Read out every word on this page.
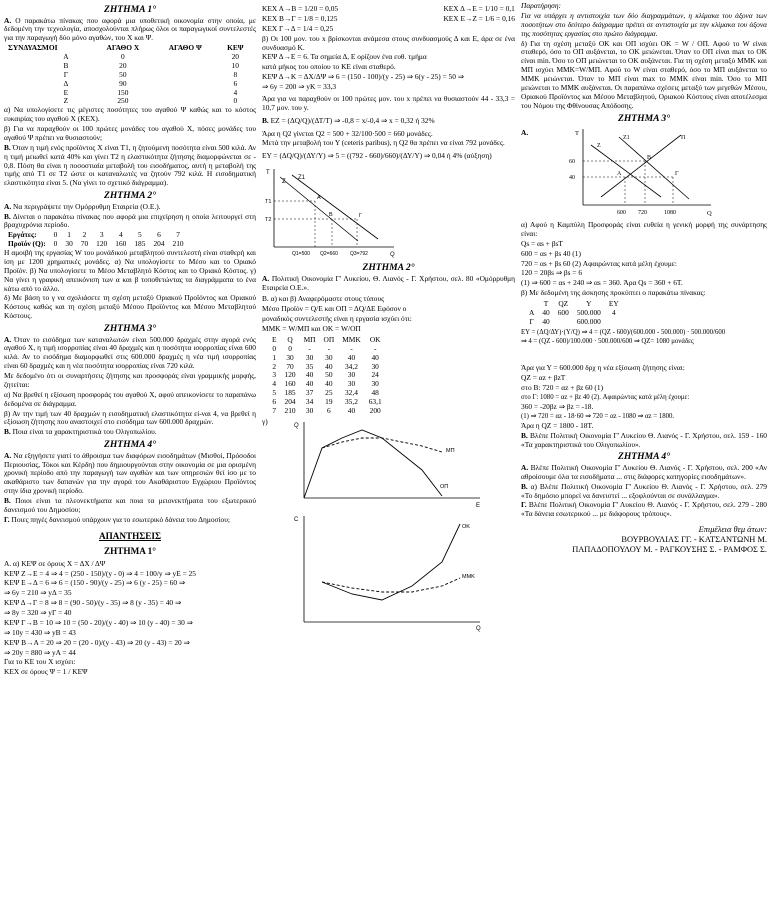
ΖΗΤΗΜΑ 1°

Α. Ο παρακάτω πίνακας που αφορά μια υποθετική οικονομία στην οποία, με δεδομένη την τεχνολογία, αποσχολούνται πλήρως όλοι οι παραγωγικοί συντελεστές για την παραγωγή δύο μόνο αγαθών, του Χ και Ψ.

ΣΥΝΔΥΑΣΜΟΙ	ΑΓΑΘΟ Χ	ΑΓΑΘΟ Ψ	ΚΕΨ
Α	0		20
Β	20		10
Γ	50		8
Δ	90		6
Ε	150		4
Ζ	250		0

α) Να υπολογίσετε τις μέγιστες ποσότητες του αγαθού Ψ καθώς και το κόστος ευκαιρίας του αγαθού Χ (ΚΕΧ).

β) Για να παραχθούν οι 100 πρώτες μονάδες του αγαθού Χ, πόσες μονάδες του αγαθού Ψ πρέπει να θυσιαστούν;

Β. Όταν η τιμή ενός προϊόντος Χ είναι Τ1, η ζητούμενη ποσότητα είναι 500 κιλά. Αν η τιμή μειωθεί κατά 40% και γίνει Τ2 η ελαστικότητα ζήτησης διαμορφώνεται σε - 0,8. Πόση θα είναι η ποσοστιαία μεταβολή του εισοδήματος, αυτή η μεταβολή της τιμής από Τ1 σε Τ2 ώστε οι καταναλωτές να ζητούν 792 κιλά. Η εισοδηματική ελαστικότητα είναι 5. (Να γίνει το σχετικό διάγραμμα).

ΖΗΤΗΜΑ 2°

Α. Να περιγράψετε την Ομόρρυθμη Εταιρεία (Ο.Ε.).

Β. Δίνεται ο παρακάτω πίνακας που αφορά μια επιχείρηση η οποία λειτουργεί στη βραχυχρόνια περίοδο.

Εργάτες:	0	1	2	3	4	5	6	7
Προϊόν (Q):	0	30	70	120	160	185	204	210

Η αμοιβή της εργασίας W του μονάδικού μεταβλητού συντελεστή είναι σταθερή και ίση με 1200 χρηματικές μονάδες. α) Να υπολογίσετε το Μέσο και το Οριακό Προϊόν. β) Να υπολογίσετε το Μέσο Μεταβλητό Κόστος και το Οριακό Κόστος. γ) Να γίνει η γραφική απεικόνιση των α και β τοποθετώντας τα διαγράμματα το ένα κάτω από το άλλο.

δ) Με βάση το γ να σχολιάσετε τη σχέση μεταξύ Οριακού Προϊόντος και Οριακού Κόστους καθώς και τη σχέση μεταξύ Μέσου Προϊόντος και Μέσου Μεταβλητού Κόστους.

ΖΗΤΗΜΑ 3°

Α. Όταν το εισόδημα των καταναλωτών είναι 500.000 δραχμές στην αγορά ενός αγαθού Χ, η τιμή ισορροπίας είναι 40 δραχμές και η ποσότητα ισορροπίας είναι 600 κιλά. Αν το εισόδημα διαμορφωθεί στις 600.000 δραχμές η νέα τιμή ισορροπίας είναι 60 δραχμές και η νέα ποσότητα ισορροπίας είναι 720 κιλά.

Με δεδομένο ότι οι συναρτήσεις ζήτησης και προσφοράς είναι γραμμικής μορφής, ζητείται:

α) Να βρεθεί η εξίσωση προσφοράς του αγαθού Χ, αφού απεικονίσετε το παραπάνω δεδομένα σε διάγραμμα.

β) Αν την τιμή των 40 δραχμών η εισοδηματική ελαστικότητα εί-ναι 4, να βρεθεί η εξίσωση ζήτησης που αναστοιχεί στο εισόδημα των 600.000 δραχμών.

Β. Ποια είναι τα χαρακτηριστικά του Ολιγοπωλίου.

ΖΗΤΗΜΑ 4°

Α. Να εξηγήσετε γιατί το άθροισμα των διαφόρων εισοδημάτων (Μισθοί, Πρόσοδοι Περιουσίας, Τόκοι και Κέρδη) που δημιουργούνται στην οικονομία σε μια ορισμένη χρονική περίοδο από την παραγωγή των αγαθών και των υπηρεσιών θεί ίσο με το ακαθάριστο των δαπανών για την αγορά του Ακαθάριστου Εγχώριου Προϊόντος στην ίδια χρονική περίοδο.

Β. Ποιοι είναι τα πλεονεκτήματα και ποια τα μειονεκτήματα του εξωτερικού δανεισμού του Δημοσίου;

Γ. Ποιες πηγές δανεισμού υπάρχουν για το εσωτερικό δάνεια του Δημοσίου;

ΑΠΑΝΤΗΣΕΙΣ
ΖΗΤΗΜΑ 1°
Α. α) ΚΕΨ σε όρους Χ = ΔΧ / ΔΨ
ΚΕΨ Ζ→Ε = 4 ⇒ 4 = (250 - 150)/(y - 0) ⇒ 4 = 100/y ⇒ yE = 25
ΚΕΨ Ε→Δ = 6 ⇒ 6 = (150 - 90)/(y - 25) ⇒ 6 (y - 25) = 60 ⇒
⇒ 6y = 210 ⇒ yΔ = 35
ΚΕΨ Δ→Γ = 8 ⇒ 8 = (90 - 50)/(y - 35) ⇒ 8 (y - 35) = 40 ⇒
⇒ 8y = 320 ⇒ yΓ = 40
ΚΕΨ Γ→Β = 10 ⇒ 10 = (50 - 20)/(y - 40) ⇒ 10 (y - 40) = 30 ⇒
⇒ 10y = 430 ⇒ yB = 43
ΚΕΨ Β→Α = 20 ⇒ 20 = (20 - 0)/(y - 43) ⇒ 20 (y - 43) = 20 ⇒
⇒ 20y = 880 ⇒ yA = 44
Για το ΚΕ του Χ ισχύει:
ΚΕΧ σε όρους Ψ = 1 / ΚΕΨ
ΚΕΧ Α→Β = 1/20 = 0,05
ΚΕΧ Β→Γ = 1/8 = 0,125
ΚΕΧ Γ→Δ = 1/4 = 0,25
ΚΕΧ Δ→Ε = 1/10 = 0,1
ΚΕΧ Ε→Ζ = 1/6 = 0,16

β) Οι 100 μον. του x βρίσκονται ανάμεσα στους συνδυασμούς Δ και Ε, άρα σε ένα συνδυασμό Κ.

ΚΕΨ Δ→Ε = 6. Τα σημεία Δ, Ε ορίζουν ένα ευθ. τμήμα

κατά μήκος του οποίου το ΚΕ είναι σταθερό.

ΚΕΨ Δ→Κ = ΔΧ/ΔΨ ⇒ 6 = (150 - 100)/(y - 25) ⇒ 6(y - 25) = 50 ⇒
⇒ 6y = 200 ⇒ yK = 33,3

Άρα για να παραχθούν οι 100 πρώτες μον. του x πρέπει να θυσιαστούν 44 - 33,3 = 10,7 μον. του y.

Β. ΕΖ = (ΔQ/Q)/(ΔΤ/Τ) ⇒ -0,8 = x/-0,4 ⇒ x = 0,32 ή 32%

Άρα η Q2 γίνεται Q2 = 500 + 32/100·500 = 660 μονάδες.

Μετά την μεταβολή του Υ (ceteris paribus), η Q2 θα πρέπει να είναι 792 μονάδες.

ΕΥ = (ΔQ/Q)/(ΔΥ/Υ) ⇒ 5 = ((792 - 660)/660)/(ΔΥ/Υ) ⇒ 0,04 ή 4% (αύξηση)
Τ
Q
Ζ
Ζ1
Τ1
Τ2
Α
Β	Γ
Q1=500 Q2=660 Q3=792
ΖΗΤΗΜΑ 2°

Α. Πολιτική Οικονομία Γ' Λυκείου, Θ. Λιανός - Γ. Χρήστου, σελ. 80 «Ομόρρυθμη Εταιρεία Ο.Ε.».

Β. α) και β) Αναφερόμαστε στους τύπους

Μέσο Προϊόν = Q/E και ΟΠ = ΔQ/ΔΕ Εφόσον ο

μοναδικός συντελεστής είναι η εργασία ισχύει ότι:

ΜΜΚ = W/ΜΠ και ΟΚ = W/ΟΠ
Ε	Q	ΜΠ	ΟΠ	ΜΜΚ	ΟΚ
0	0	-	-	-	-
1	30	30	30	40	40
2	70	35	40	34,2	30
3	120	40	50	30	24
4	160	40	40	30	30
5	185	37	25	32,4	48
6	204	34	19	35,2	63,1
7	210	30	6	40	200
γ)	Q
E
ΜΠ
ΟΠ
C
Q
ΟΚ
ΜΜΚ

Παρατήρηση:

Για να υπάρχει η αντιστοιχία των δύο διαγραμμάτων, η κλίμακα του άξονα των ποσοτήτων στο δεύτερο διάγραμμα πρέπει σε αντιστοιχία με την κλίμακα του άξονα της ποσότητας εργασίας στο πρώτο διάγραμμα.

δ) Για τη σχέση μεταξύ ΟΚ και ΟΠ ισχύει ΟΚ = W / ΟΠ. Αφού το W είναι σταθερό, όσο το ΟΠ αυξάνεται, το ΟΚ μειώνεται. Όταν το ΟΠ είναι max το ΟΚ είναι min. Όσο το ΟΠ μειώνεται το ΟΚ αυξάνεται. Για τη σχέση μεταξύ ΜΜΚ και ΜΠ ισχύει ΜΜΚ=W/ΜΠ. Αφού το W είναι σταθερό, όσο το ΜΠ αυξάνεται το ΜΜΚ μειώνεται. Όταν το ΜΠ είναι max το ΜΜΚ είναι min. Όσο το ΜΠ μειώνεται το ΜΜΚ αυξάνεται. Οι παραπάνω σχέσεις μεταξύ των μεγεθών Μέσου, Οριακού Προϊόντος και Μέσου Μεταβλητού, Οριακού Κόστους είναι αποτέλεσμα του Νόμου της Φθίνουσας Απόδοσης.

ΖΗΤΗΜΑ 3°
Α.	Τ
Q
Ζ
Ζ1	Π
60
40
Β
Α	Γ
600 720	1080

α) Αφού η Καμπύλη Προσφοράς είναι ευθεία η γενική μορφή της συνάρτησης είναι:

Qs = αs + βsT
600 = αs + βs 40 (1)
720 = αs + βs 60 (2) Αφαιρώντας κατά μέλη έχουμε:
120 = 20βs ⇒ βs = 6
(1) ⇒ 600 = αs + 240 ⇒ αs = 360. Άρα Qs = 360 + 6Τ.

β) Με δεδομένη της άσκησης προκύπτει ο παρακάτω πίνακας:

	Τ	QZ	Υ	ΕΥ
Α	40	600	500.000	4
Γ	40		600.000	
ΕΥ = (ΔQ/ΔΥ)·(Υ/Q) ⇒ 4 = (QZ - 600)/(600.000 - 500.000) · 500.000/600
⇒ 4 = (QZ - 600)/100.000 · 500.000/600 ⇒ QZ= 1080 μονάδες

Άρα για Υ = 600.000 δρχ η νέα εξίσωση ζήτησης είναι:

QZ = αz + βzT
στο Β: 720 = αz + βz 60 (1)
στο Γ: 1080 = αz + βz 40 (2). Αφαιρώντας κατά μέλη έχουμε:
360 = -20βz ⇒ βz = -18.
(1) ⇒ 720 = αz - 18·60 ⇒ 720 = αz - 1080 ⇒ αz = 1800.
Άρα η QZ = 1800 - 18Τ.

Β. Βλέπε Πολιτική Οικονομία Γ' Λυκείου Θ. Λιανός - Γ. Χρήστου, σελ. 159 - 160 «Τα χαρακτηριστικά του Ολιγοπωλίου».

ΖΗΤΗΜΑ 4°

Α. Βλέπε Πολιτική Οικονομία Γ' Λυκείου Θ. Λιανός - Γ. Χρήστου, σελ. 200 «Αν αθροίσουμε όλα τα εισοδήματα ... στις διάφορες κατηγορίες εισοδημάτων».

Β. α) Βλέπε Πολιτική Οικονομία Γ' Λυκείου Θ. Λιανός - Γ. Χρήστου, σελ. 279 «Το δημόσιο μπορεί να δανειστεί ... εξοφλούνται σε συνάλλαγμα».

Γ. Βλέπε Πολιτική Οικονομία Γ' Λυκείου Θ. Λιανός - Γ. Χρήστου, σελ. 279 - 280 «Τα δάνεια εσωτερικού ... με διάφορους τρόπους».

Επιμέλεια θεμ άτων:
ΒΟΥΡΒΟΥΛΙΑΣ ΓΓ. - ΚΑΤΣΑΝΤΩΝΗ Μ.
ΠΑΠΑΔΟΠΟΥΛΟΥ Μ. - ΡΑΓΚΟΥΣΗΣ Σ. - ΡΑΜΦΟΣ Σ.
